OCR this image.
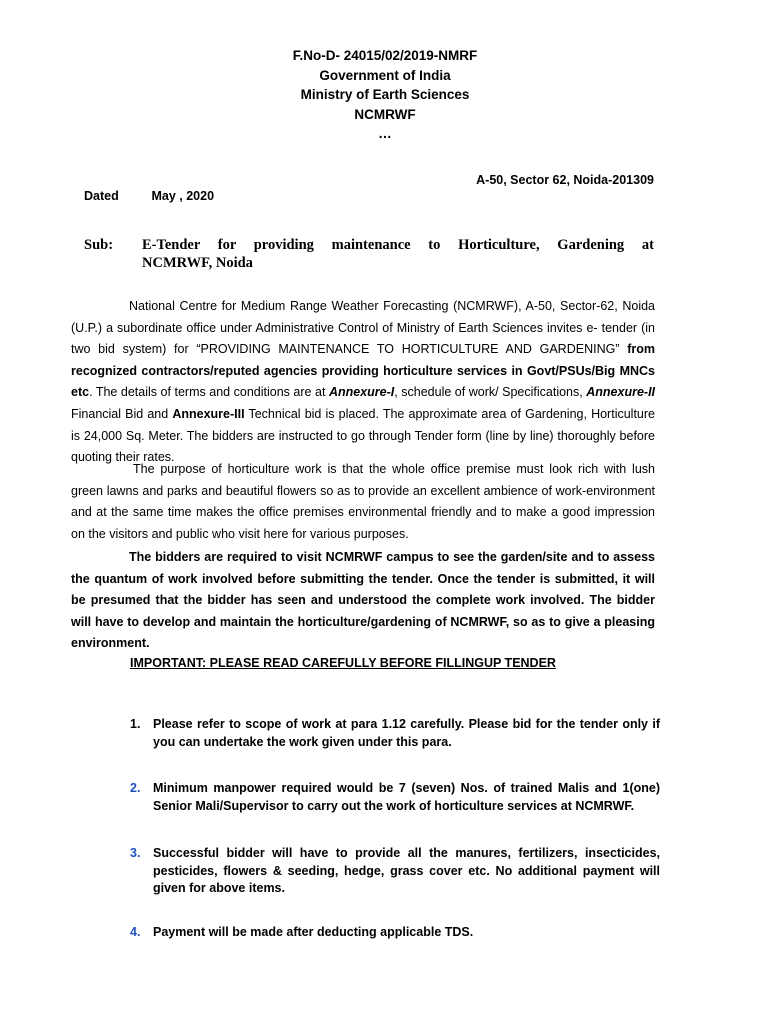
F.No-D- 24015/02/2019-NMRF
Government of India
Ministry of Earth Sciences
NCMRWF
…
A-50, Sector 62, Noida-201309
Dated	May , 2020
Sub: E-Tender for providing maintenance to Horticulture, Gardening at
NCMRWF, Noida
National Centre for Medium Range Weather Forecasting (NCMRWF), A-50, Sector-62, Noida (U.P.) a subordinate office under Administrative Control of Ministry of Earth Sciences invites e- tender (in two bid system) for “PROVIDING MAINTENANCE TO HORTICULTURE AND GARDENING” from recognized contractors/reputed agencies providing horticulture services in Govt/PSUs/Big MNCs etc. The details of terms and conditions are at Annexure-I, schedule of work/ Specifications, Annexure-II Financial Bid and Annexure-III Technical bid is placed. The approximate area of Gardening, Horticulture is 24,000 Sq. Meter. The bidders are instructed to go through Tender form (line by line) thoroughly before quoting their rates.
The purpose of horticulture work is that the whole office premise must look rich with lush green lawns and parks and beautiful flowers so as to provide an excellent ambience of work-environment and at the same time makes the office premises environmental friendly and to make a good impression on the visitors and public who visit here for various purposes.
The bidders are required to visit NCMRWF campus to see the garden/site and to assess the quantum of work involved before submitting the tender. Once the tender is submitted, it will be presumed that the bidder has seen and understood the complete work involved. The bidder will have to develop and maintain the horticulture/gardening of NCMRWF, so as to give a pleasing environment.
IMPORTANT: PLEASE READ CAREFULLY BEFORE FILLINGUP TENDER
1.	Please refer to scope of work at para 1.12 carefully. Please bid for the tender only if you can undertake the work given under this para.
2.	Minimum manpower required would be 7 (seven) Nos. of trained Malis and 1(one) Senior Mali/Supervisor to carry out the work of horticulture services at NCMRWF.
3.	Successful bidder will have to provide all the manures, fertilizers, insecticides, pesticides, flowers & seeding, hedge, grass cover etc. No additional payment will given for above items.
4.	Payment will be made after deducting applicable TDS.
